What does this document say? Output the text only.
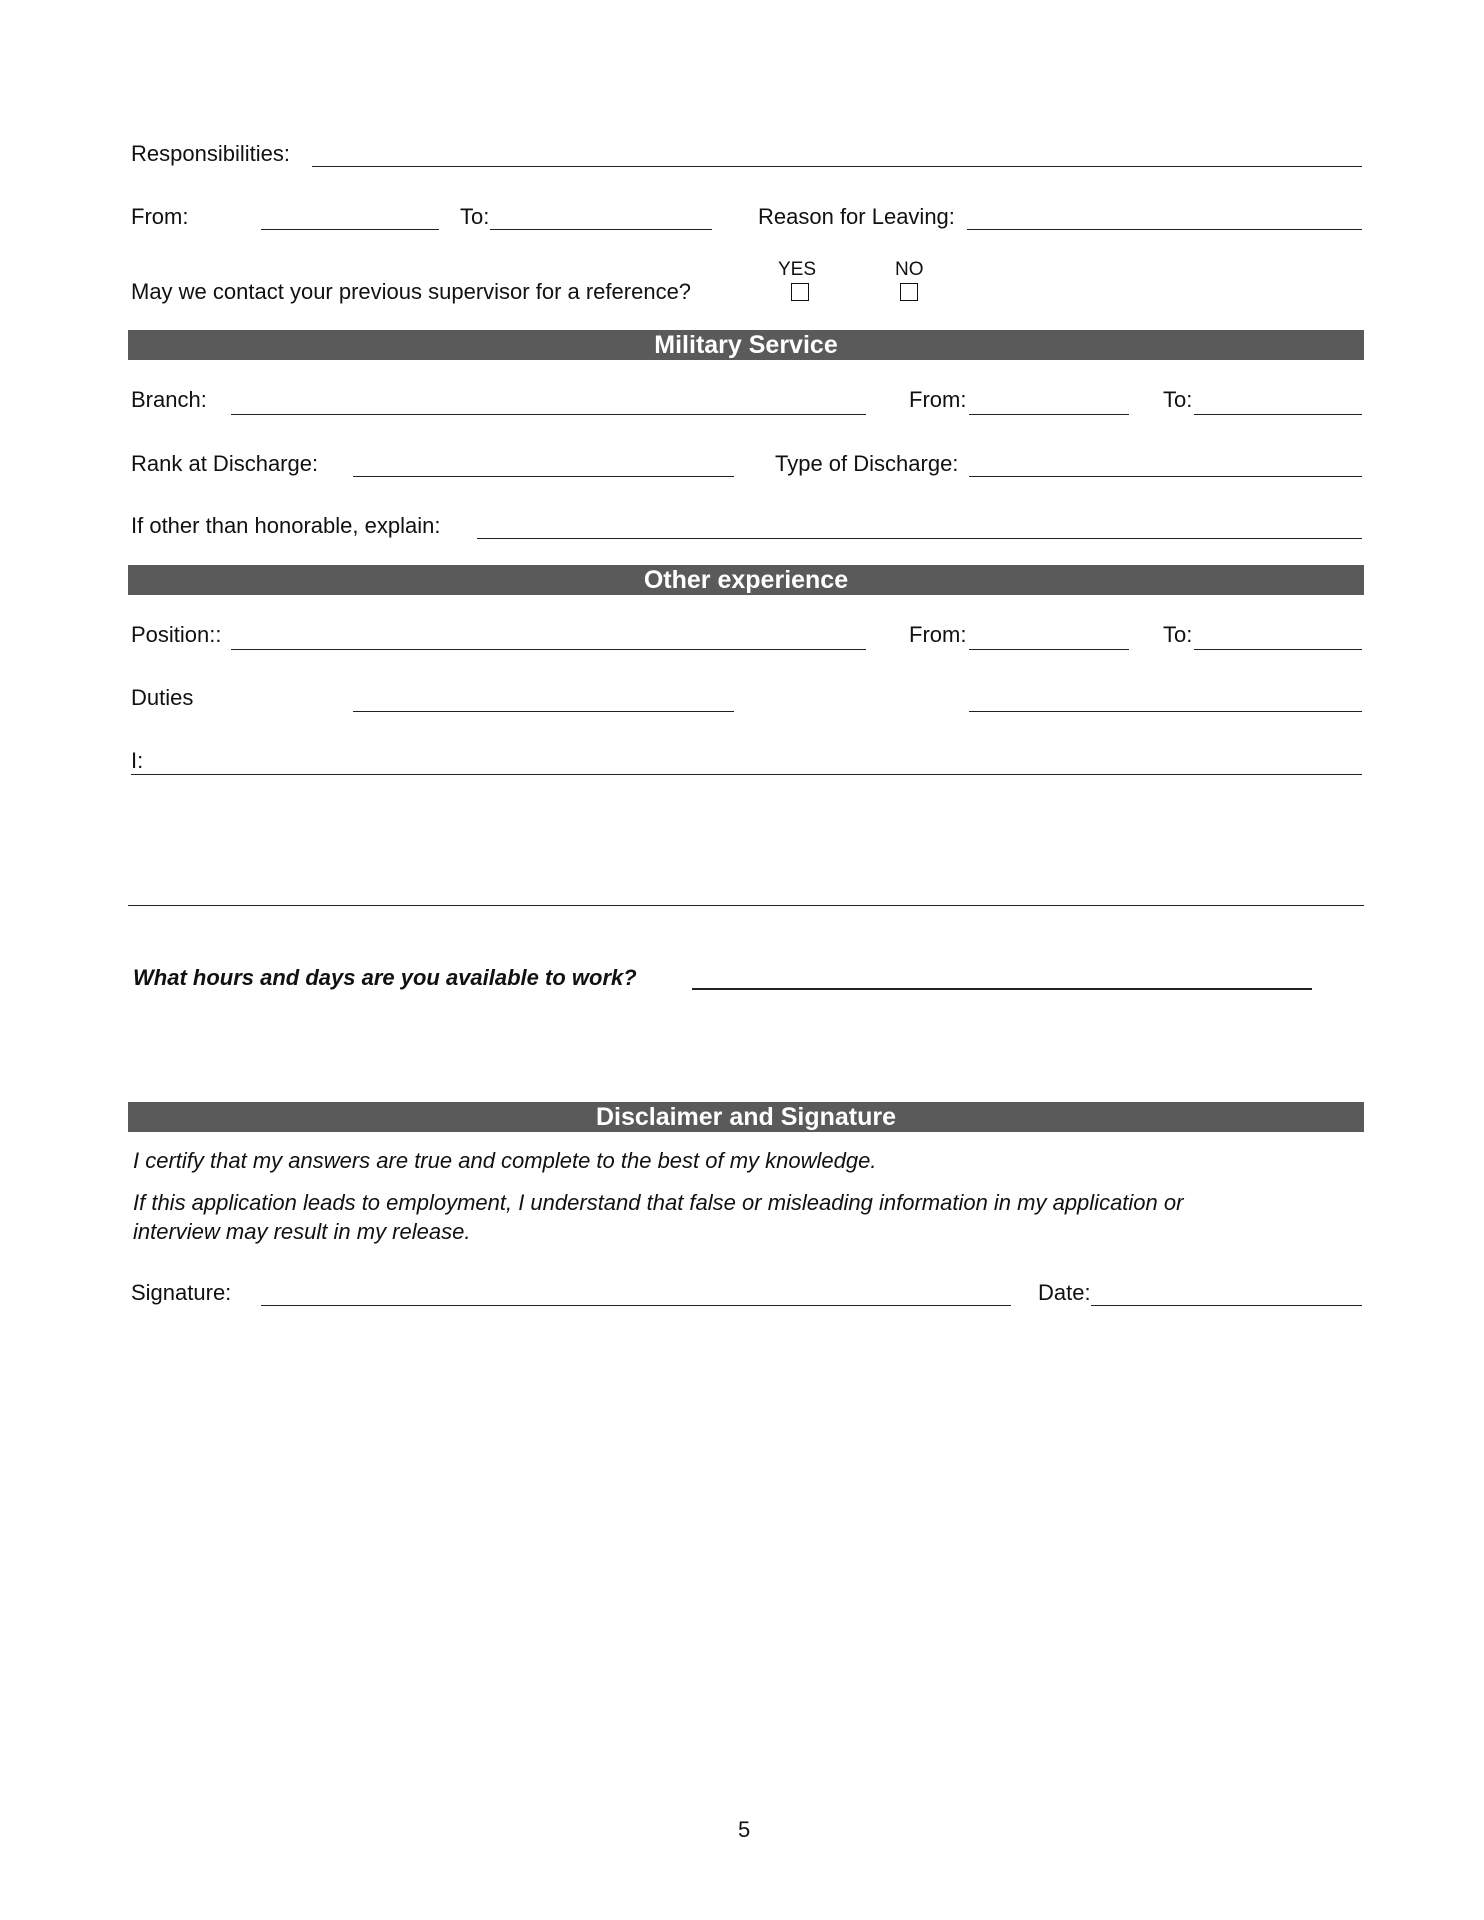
Responsibilities:
From:	To:	Reason for Leaving:
YES	NO
May we contact your previous supervisor for a reference?
Military Service
Branch:	From:	To:
Rank at Discharge:	Type of Discharge:
If other than honorable, explain:
Other experience
Position::	From:	To:
Duties
I:
What hours and days are you available to work?
Disclaimer and Signature
I certify that my answers are true and complete to the best of my knowledge.
If this application leads to employment, I understand that false or misleading information in my application or
interview may result in my release.
Signature:	Date:
5
